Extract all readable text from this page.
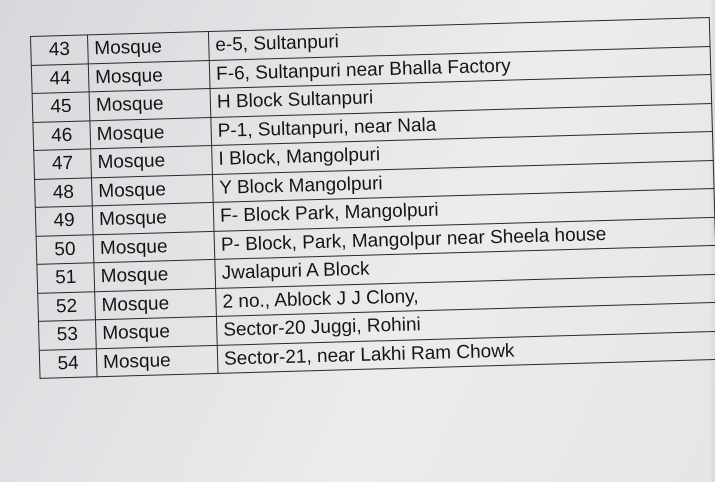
43	Mosque	e-5, Sultanpuri
44	Mosque	F-6, Sultanpuri near Bhalla Factory
45	Mosque	H Block Sultanpuri
46	Mosque	P-1, Sultanpuri, near Nala
47	Mosque	I Block, Mangolpuri
48	Mosque	Y Block Mangolpuri
49	Mosque	F- Block Park, Mangolpuri
50	Mosque	P- Block, Park, Mangolpur near Sheela house
51	Mosque	Jwalapuri A Block
52	Mosque	2 no., Ablock J J Clony,
53	Mosque	Sector-20 Juggi, Rohini
54	Mosque	Sector-21, near Lakhi Ram Chowk
